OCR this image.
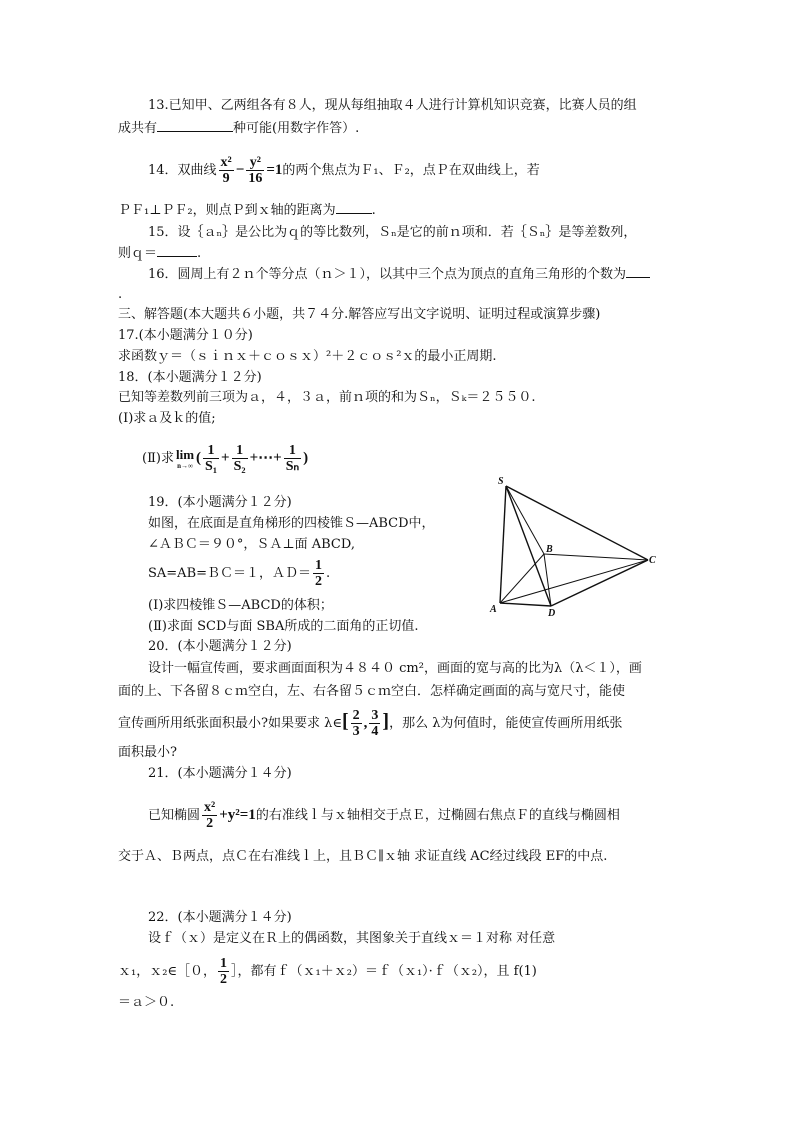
13.已知甲、乙两组各有８人，现从每组抽取４人进行计算机知识竞赛，比赛人员的组
成共有	种可能(用数字作答）.
14．双曲线 $\frac{\text{x²}}{9} - \frac{\text{y²}}{16} =1$的两个焦点为Ｆ₁、Ｆ₂，点Ｐ在双曲线上，若
ＰＦ₁⊥ＰＦ₂，则点Ｐ到ｘ轴的距离为	.
15．设｛ａₙ｝是公比为ｑ的等比数列，Ｓₙ是它的前ｎ项和．若｛Ｓₙ｝是等差数列，
则ｑ＝	.
16．圆周上有２ｎ个等分点（ｎ＞１），以其中三个点为顶点的直角三角形的个数为
.
三、解答题(本大题共６小题，共７４分.解答应写出文字说明、证明过程或演算步骤)
17.(本小题满分１０分)
求函数ｙ＝（ｓｉｎｘ＋ｃｏｓｘ）²＋２ｃｏｓ²ｘ的最小正周期.
18．(本小题满分１２分)
已知等差数列前三项为ａ，４，３ａ，前ｎ项的和为Ｓₙ，Ｓₖ＝２５５０.
(Ⅰ)求ａ及ｋ的值;
(Ⅱ)求 lim
n→∞ ( $\frac{1}{\text{S₁}} + \frac{1}{\text{S₂}}$ +⋯+ $\frac{1}{\text{Sₙ}}$ )
19．(本小题满分１２分)
如图，在底面是直角梯形的四棱锥Ｓ—ABCD中，
∠ＡＢＣ＝９０°，ＳＡ⊥面 ABCD,
SA=AB=ＢＣ＝１，ＡＤ＝ $\frac{1}{2}$ .
(Ⅰ)求四棱锥Ｓ—ABCD的体积；
(Ⅱ)求面 SCD与面 SBA所成的二面角的正切值.
S
A
B
C
D
20．(本小题满分１２分)
设计一幅宣传画，要求画面面积为４８４０ cm²，画面的宽与高的比为λ（λ＜１），画
面的上、下各留８ｃｍ空白，左、右各留５ｃｍ空白．怎样确定画面的高与宽尺寸，能使
宣传画所用纸张面积最小?如果要求 λ∈[ $\frac{2}{3}$ , $\frac{3}{4}$ ]，那么 λ为何值时，能使宣传画所用纸张
面积最小?
21．(本小题满分１４分)
已知椭圆 $\frac{\text{x²}}{2} +y^2=1$的右准线ｌ与ｘ轴相交于点Ｅ，过椭圆右焦点Ｆ的直线与椭圆相
交于Ａ、Ｂ两点，点Ｃ在右准线ｌ上，且ＢＣ∥ｘ轴 求证直线 AC经过线段 EF的中点.
22．(本小题满分１４分)
设ｆ（ｘ）是定义在Ｒ上的偶函数，其图象关于直线ｘ＝１对称 对任意
ｘ₁，ｘ₂∈［０， $\frac{1}{2}$ ］，都有ｆ（ｘ₁＋ｘ₂）＝ｆ（ｘ₁）·ｆ（ｘ₂），且 f(1)
＝ａ＞０.
